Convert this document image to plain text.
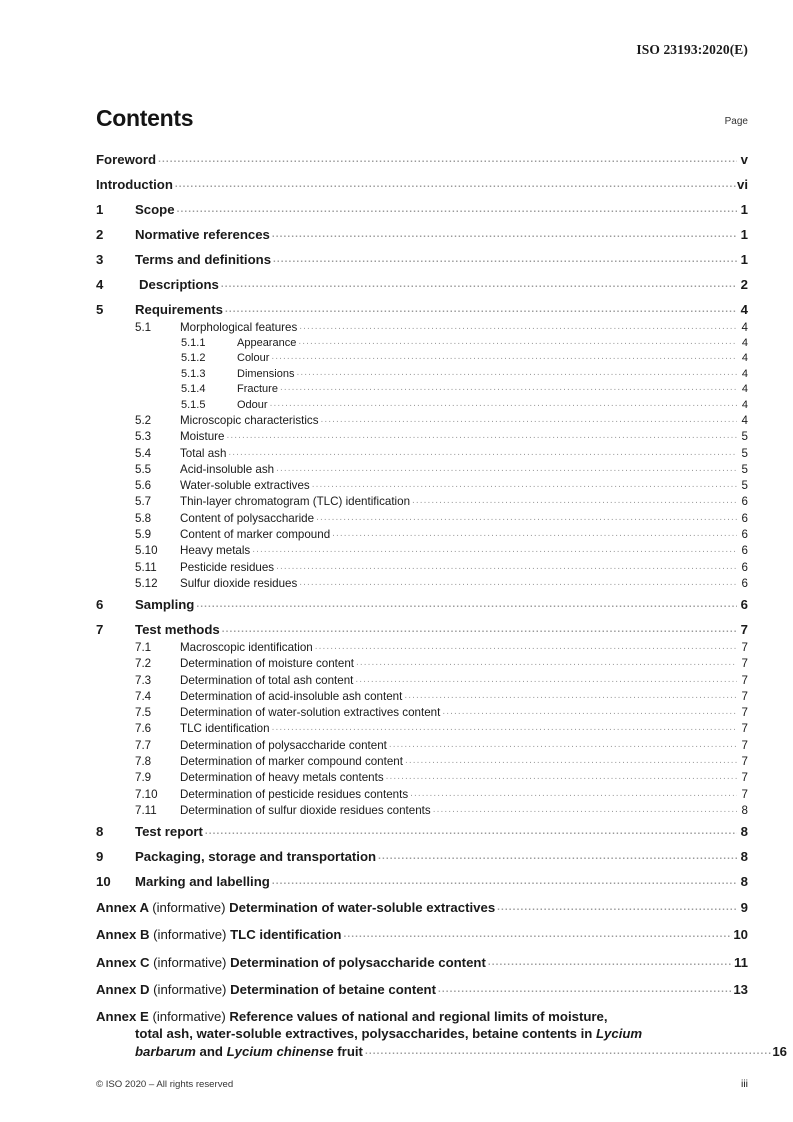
ISO 23193:2020(E)
Contents	Page
Foreword .....	v
Introduction .....	vi
1	Scope .....	1
2	Normative references .....	1
3	Terms and definitions .....	1
4	Descriptions .....	2
5	Requirements .....	4
5.1	Morphological features .....	4
5.1.1	Appearance .....	4
5.1.2	Colour .....	4
5.1.3	Dimensions .....	4
5.1.4	Fracture .....	4
5.1.5	Odour .....	4
5.2	Microscopic characteristics .....	4
5.3	Moisture .....	5
5.4	Total ash .....	5
5.5	Acid-insoluble ash .....	5
5.6	Water-soluble extractives .....	5
5.7	Thin-layer chromatogram (TLC) identification .....	6
5.8	Content of polysaccharide .....	6
5.9	Content of marker compound .....	6
5.10	Heavy metals .....	6
5.11	Pesticide residues .....	6
5.12	Sulfur dioxide residues .....	6
6	Sampling .....	6
7	Test methods .....	7
7.1	Macroscopic identification .....	7
7.2	Determination of moisture content .....	7
7.3	Determination of total ash content .....	7
7.4	Determination of acid-insoluble ash content .....	7
7.5	Determination of water-solution extractives content .....	7
7.6	TLC identification .....	7
7.7	Determination of polysaccharide content .....	7
7.8	Determination of marker compound content .....	7
7.9	Determination of heavy metals contents .....	7
7.10	Determination of pesticide residues contents .....	7
7.11	Determination of sulfur dioxide residues contents .....	8
8	Test report .....	8
9	Packaging, storage and transportation .....	8
10	Marking and labelling .....	8
Annex A (informative) Determination of water-soluble extractives .....	9
Annex B (informative) TLC identification .....	10
Annex C (informative) Determination of polysaccharide content .....	11
Annex D (informative) Determination of betaine content .....	13
Annex E (informative) Reference values of national and regional limits of moisture,
total ash, water-soluble extractives, polysaccharides, betaine contents in Lycium
barbarum and Lycium chinense fruit .....	16
© ISO 2020 – All rights reserved	iii
